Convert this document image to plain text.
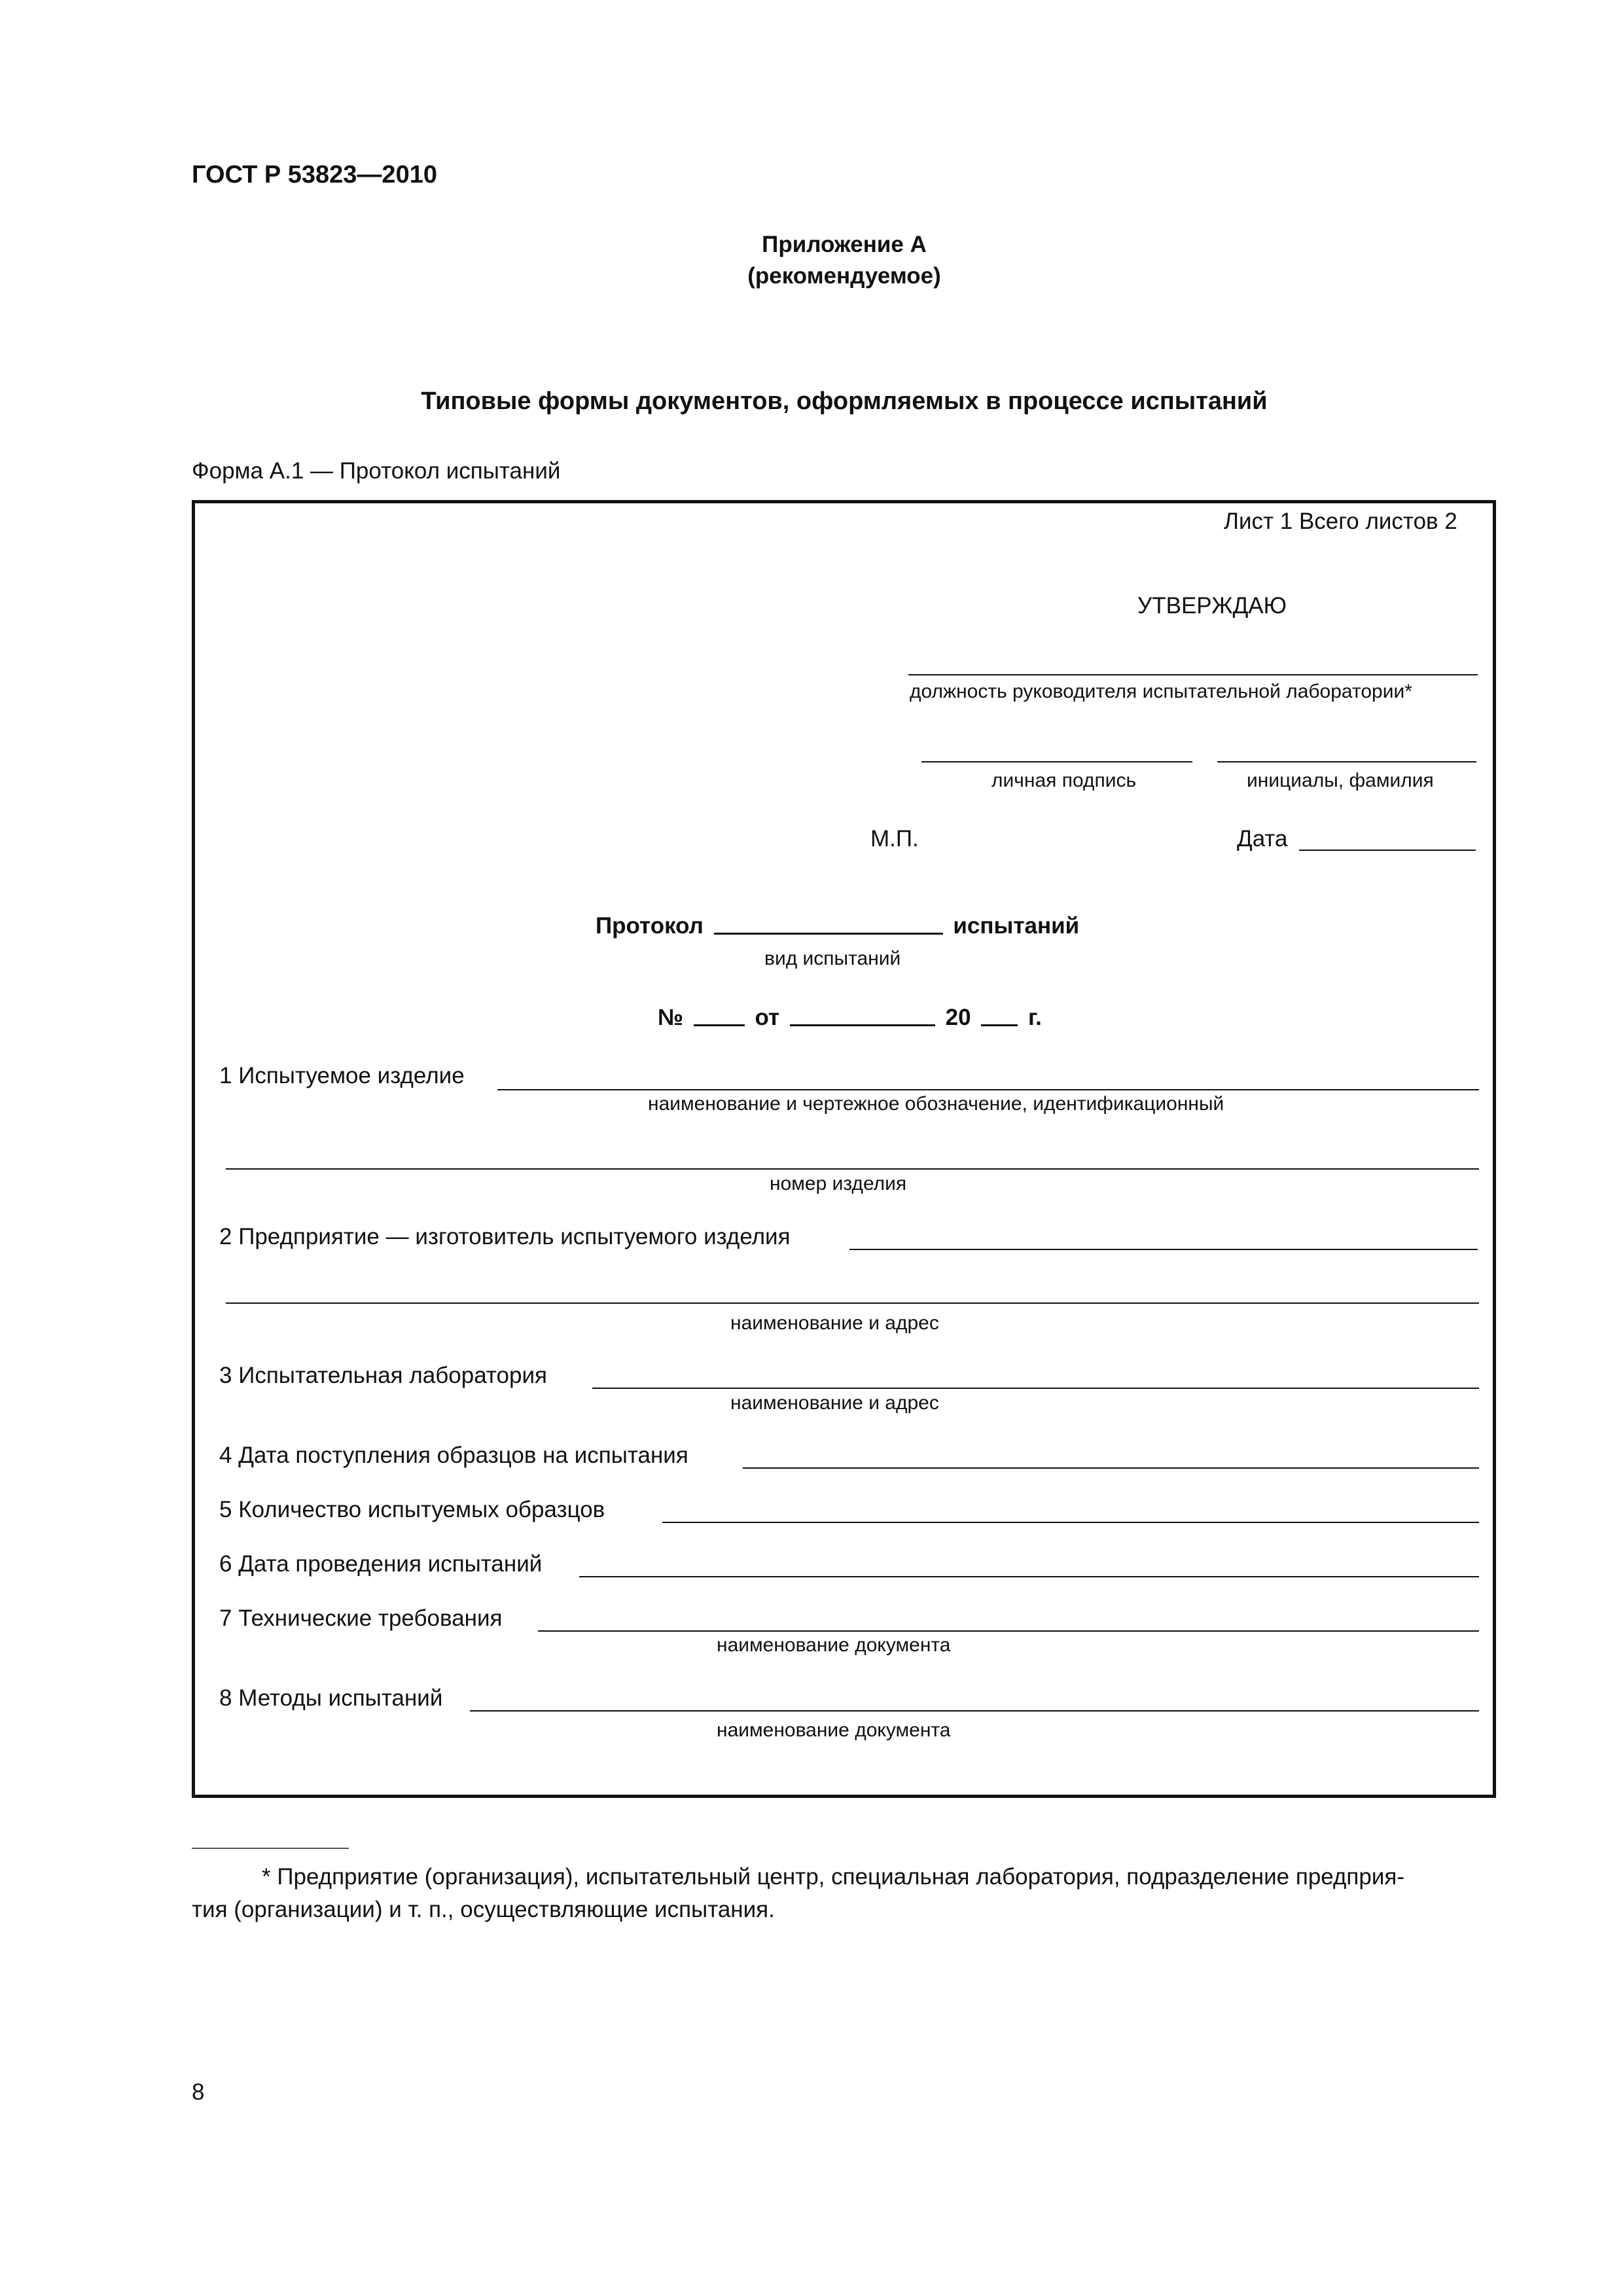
ГОСТ Р 53823—2010
Приложение А
(рекомендуемое)
Типовые формы документов, оформляемых в процессе испытаний
Форма А.1 — Протокол испытаний
Лист 1 Всего листов 2
УТВЕРЖДАЮ
должность руководителя испытательной лаборатории*
личная подпись	инициалы, фамилия
М.П.	Дата
Протокол	испытаний
вид испытаний
№	от	20 г.
1 Испытуемое изделие
наименование и чертежное обозначение, идентификационный
номер изделия
2 Предприятие — изготовитель испытуемого изделия
наименование и адрес
3 Испытательная лаборатория
наименование и адрес
4 Дата поступления образцов на испытания
5 Количество испытуемых образцов
6 Дата проведения испытаний
7 Технические требования
наименование документа
8 Методы испытаний
наименование документа
* Предприятие (организация), испытательный центр, специальная лаборатория, подразделение предприя-
тия (организации) и т. п., осуществляющие испытания.
8
